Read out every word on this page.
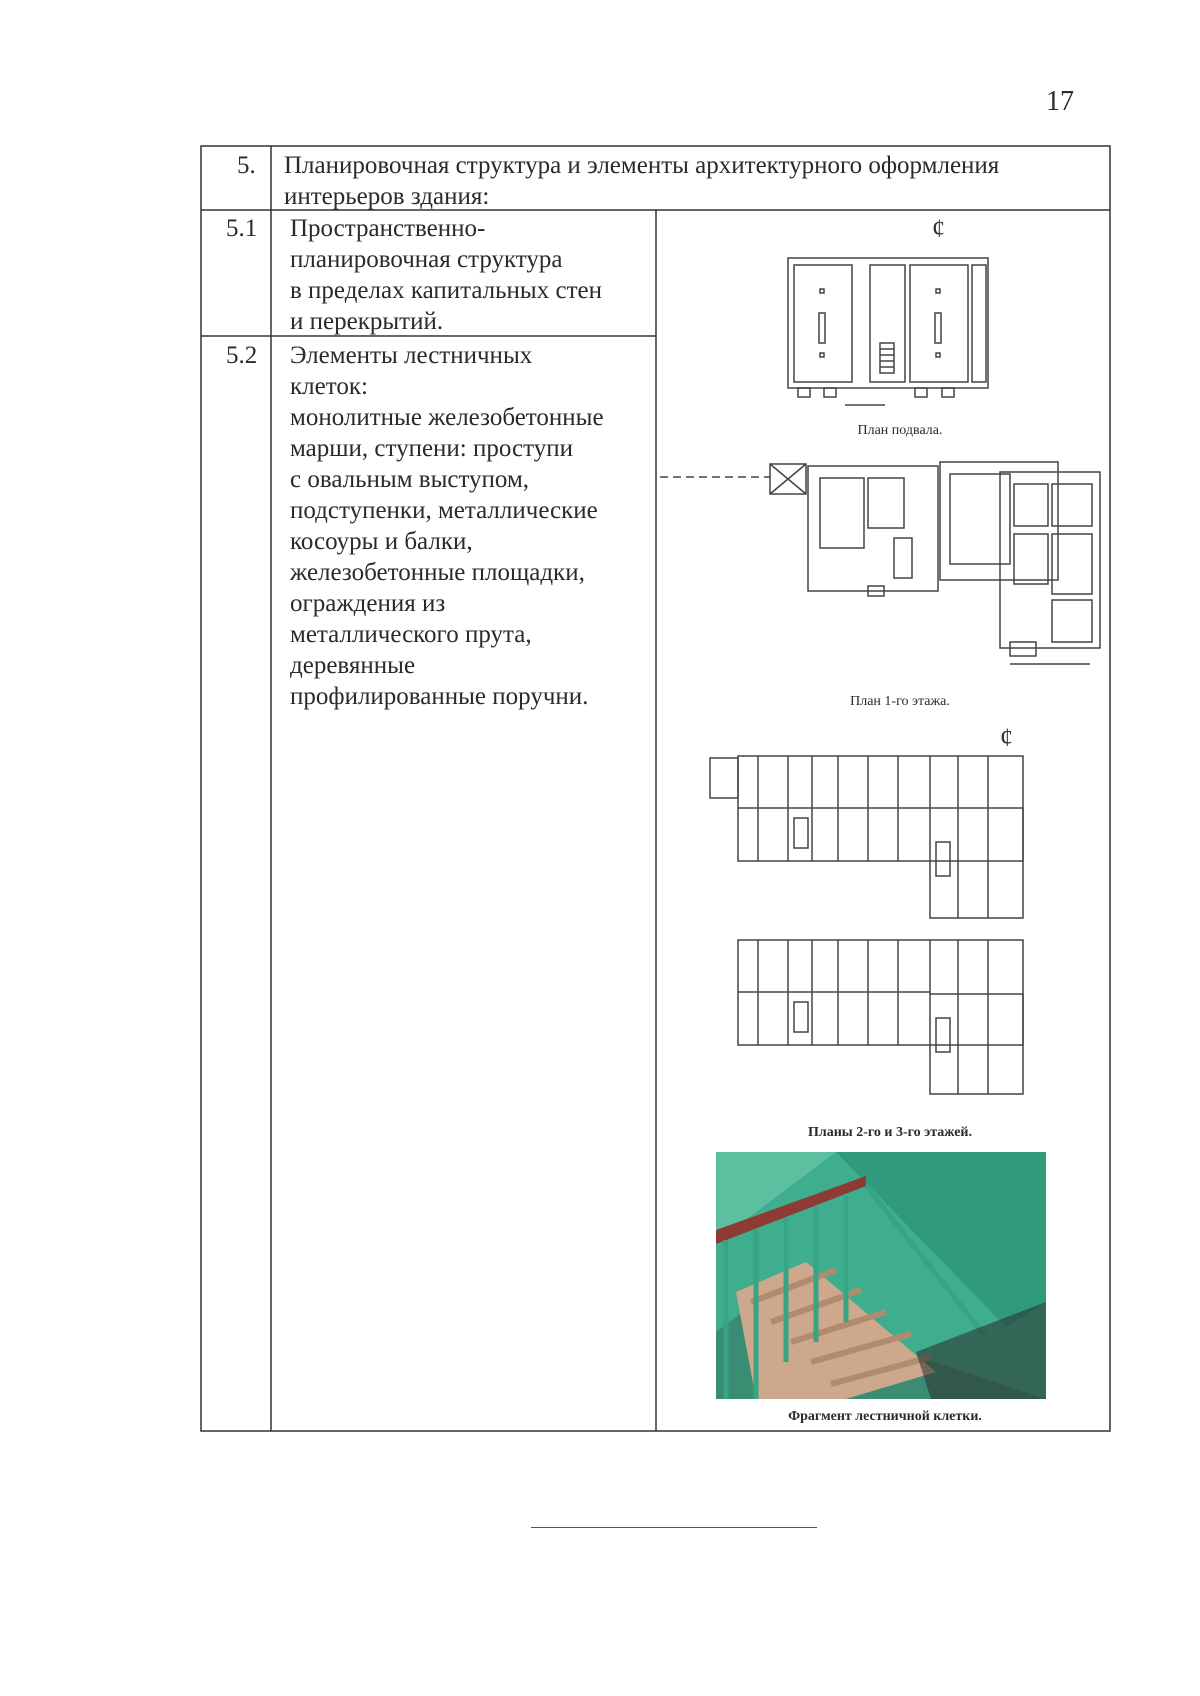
17
5. Планировочная структура и элементы архитектурного оформления интерьеров здания:
5.1 Пространственно-
планировочная структура
в пределах капитальных стен
и перекрытий.
5.2 Элементы лестничных
клеток:
монолитные железобетонные
марши, ступени: проступи
с овальным выступом,
подступенки, металлические
косоуры и балки,
железобетонные площадки,
ограждения из
металлического прута,
деревянные
профилированные поручни.
¢
План подвала.
План 1-го этажа.
¢
Планы 2-го и 3-го этажей.
Фрагмент лестничной клетки.
